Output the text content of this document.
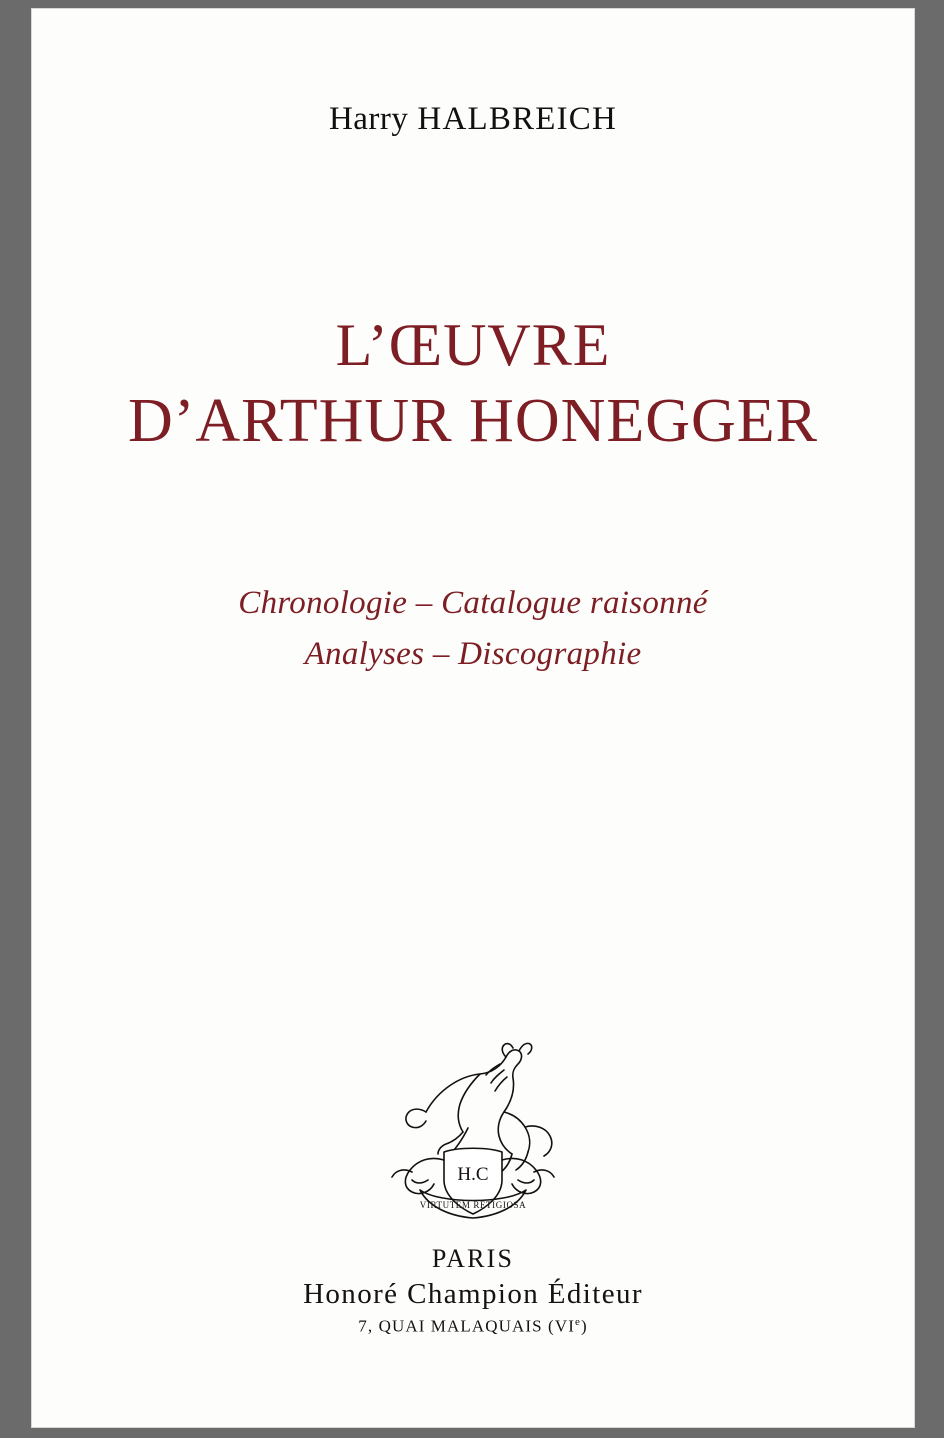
Harry HALBREICH
L’ŒUVRE
D’ARTHUR HONEGGER
Chronologie – Catalogue raisonné
Analyses – Discographie
H.C
VIRTUTEM RETIGIOSA
PARIS
Honoré Champion Éditeur
7, QUAI MALAQUAIS (VIe)
